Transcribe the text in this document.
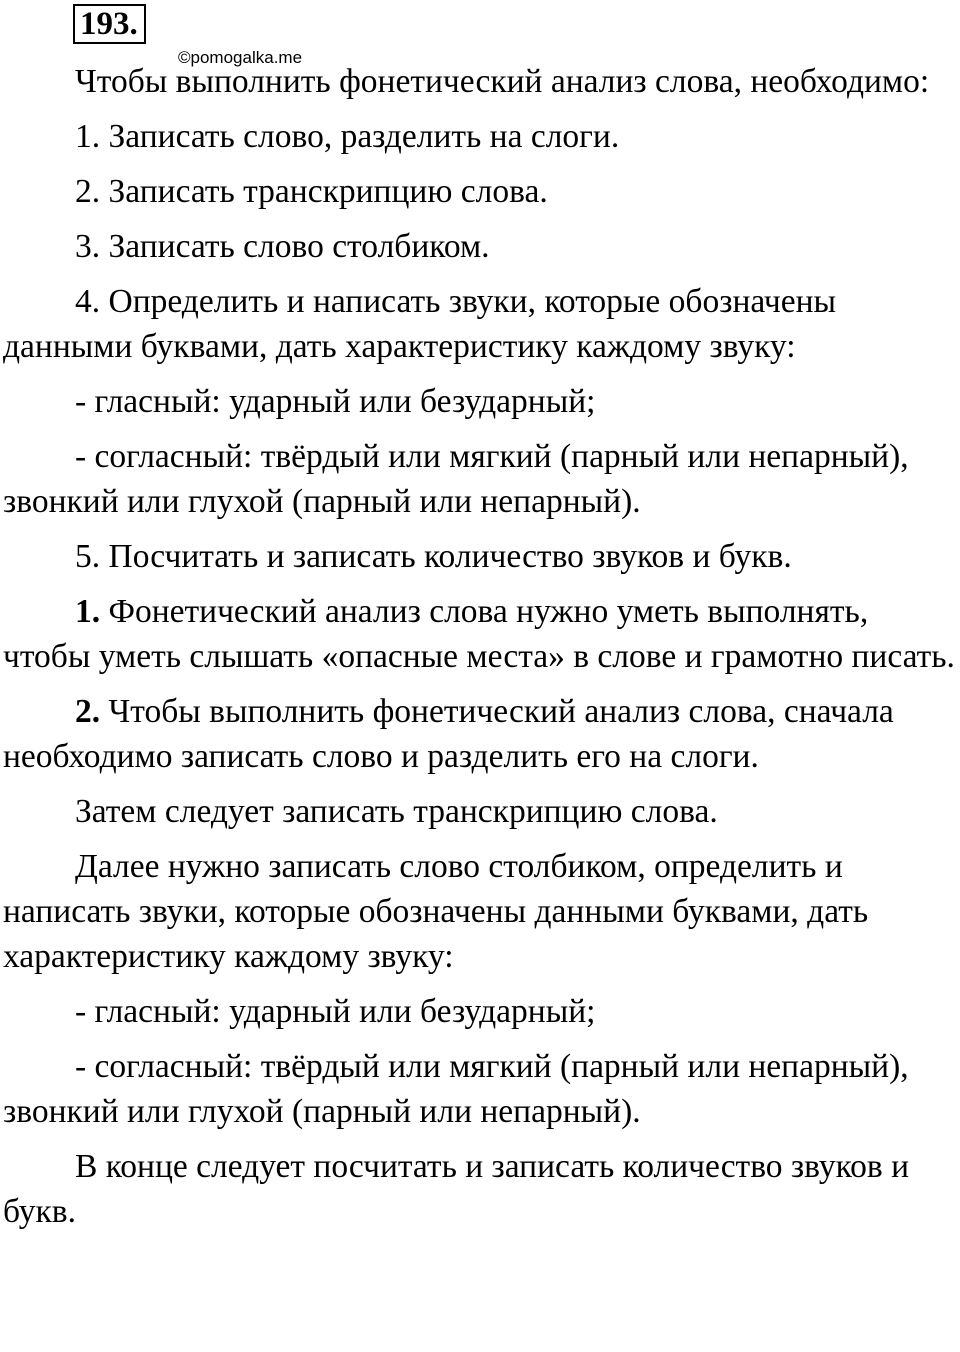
193.
©pomogalka.me

Чтобы выполнить фонетический анализ слова, необходимо:

1. Записать слово, разделить на слоги.

2. Записать транскрипцию слова.

3. Записать слово столбиком.

4. Определить и написать звуки, которые обозначены данными буквами, дать характеристику каждому звуку:

- гласный: ударный или безударный;

- согласный: твёрдый или мягкий (парный или непарный), звонкий или глухой (парный или непарный).

5. Посчитать и записать количество звуков и букв.

1. Фонетический анализ слова нужно уметь выполнять, чтобы уметь слышать «опасные места» в слове и грамотно писать.

2. Чтобы выполнить фонетический анализ слова, сначала необходимо записать слово и разделить его на слоги.

Затем следует записать транскрипцию слова.

Далее нужно записать слово столбиком, определить и написать звуки, которые обозначены данными буквами, дать характеристику каждому звуку:

- гласный: ударный или безударный;

- согласный: твёрдый или мягкий (парный или непарный), звонкий или глухой (парный или непарный).

В конце следует посчитать и записать количество звуков и букв.
